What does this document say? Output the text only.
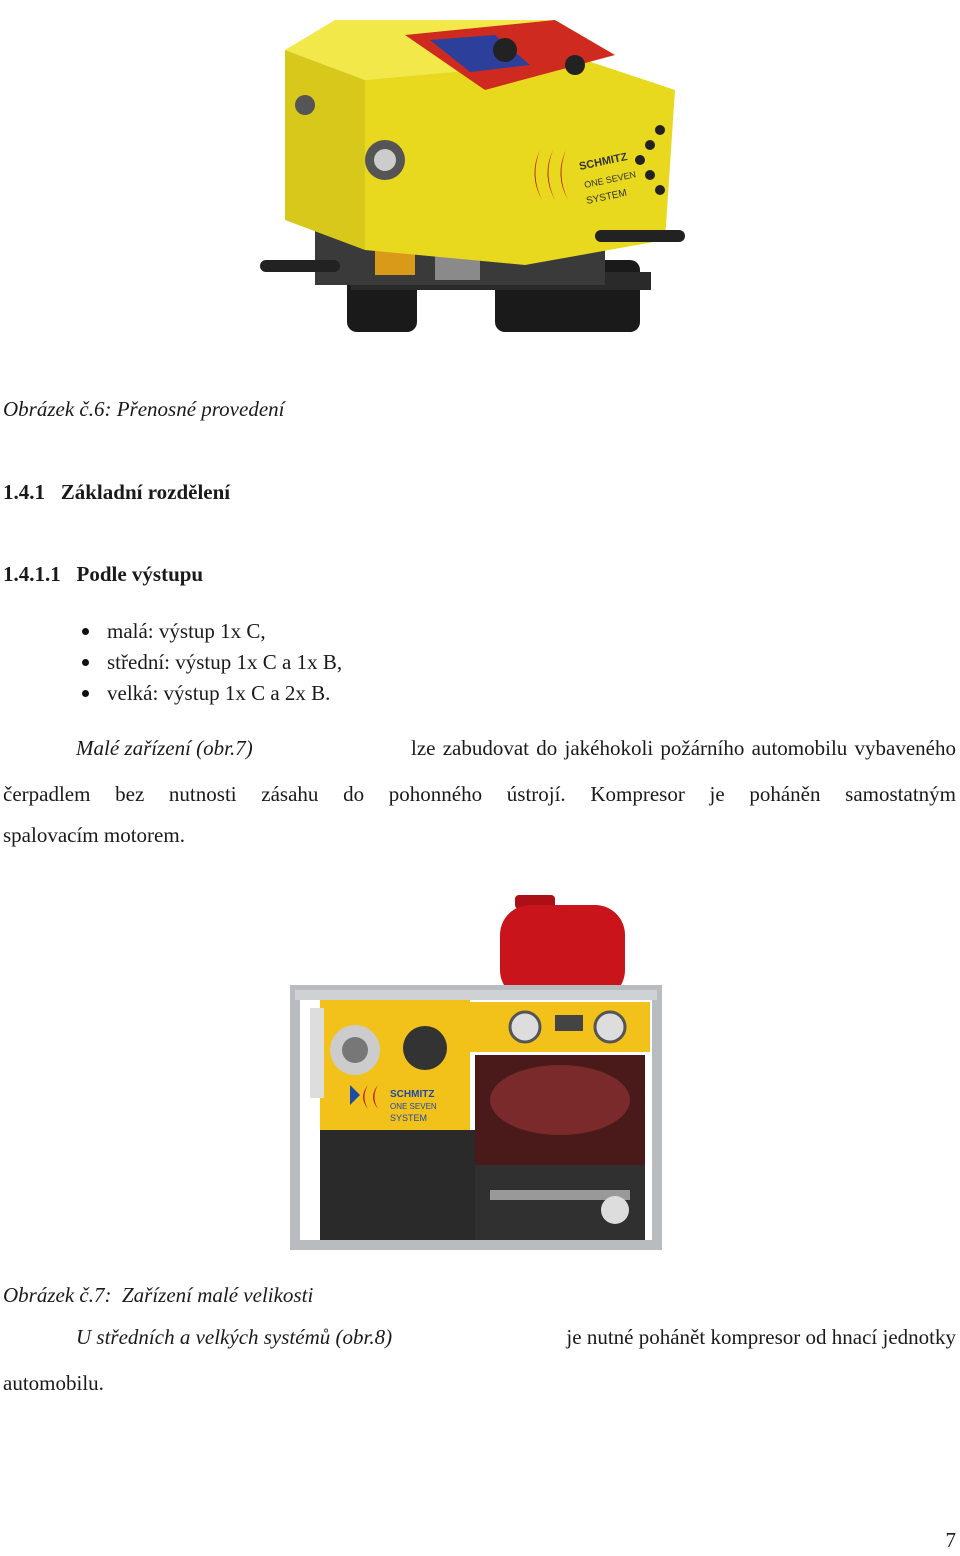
SCHMITZ
ONE SEVEN
SYSTEM
Obrázek č.6: Přenosné provedení
1.4.1   Základní rozdělení
1.4.1.1   Podle výstupu
malá: výstup 1x C,
střední: výstup 1x C a 1x B,
velká: výstup 1x C a 2x B.
Malé zařízení (obr.7)	lze zabudovat do jakéhokoli požárního automobilu vybaveného
čerpadlem bez nutnosti zásahu do pohonného ústrojí. Kompresor je poháněn samostatným
spalovacím motorem.
SCHMITZ
ONE SEVEN
SYSTEM
Obrázek č.7:  Zařízení malé velikosti
U středních a velkých systémů (obr.8)	je nutné pohánět kompresor od hnací jednotky
automobilu.
7
